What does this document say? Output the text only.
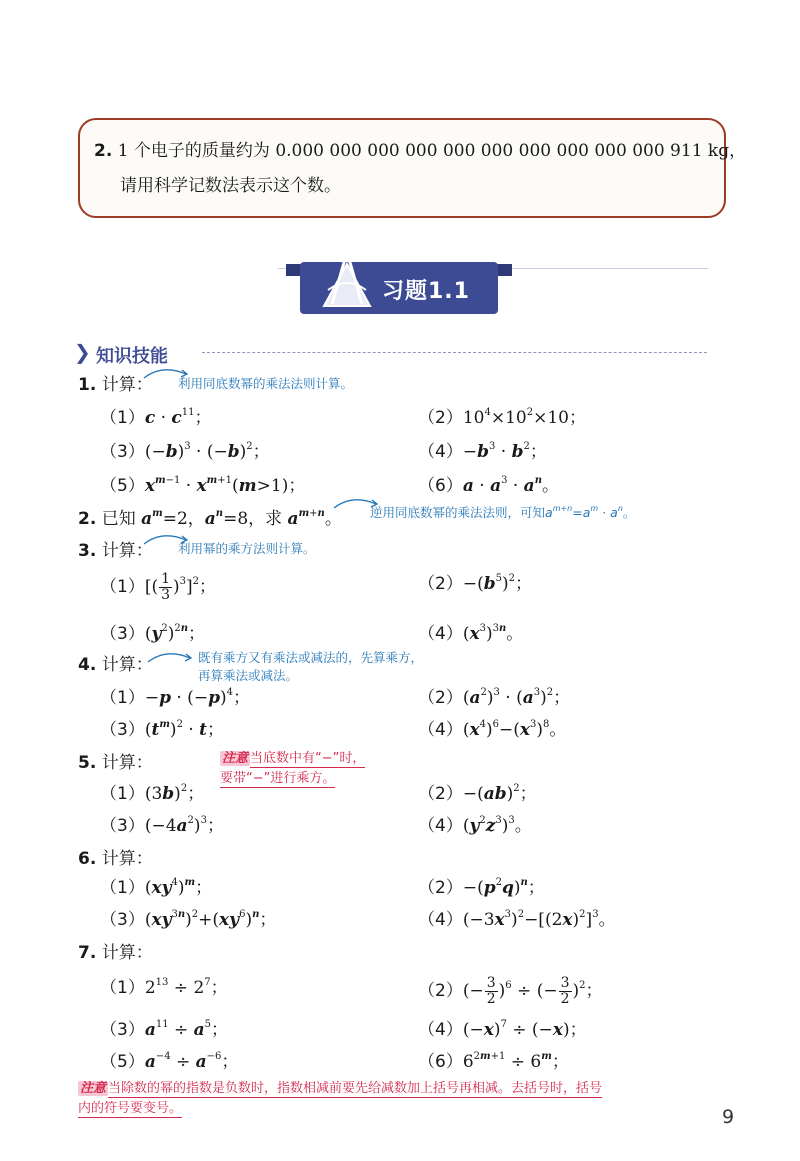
2. 1 个电子的质量约为 0.000 000 000 000 000 000 000 000 000 000 911 kg，
请用科学记数法表示这个数。
习题1.1
❯ 知识技能
1. 计算： 利用同底数幂的乘法法则计算。
$(1)c \cdot c^{11}$；	$(2)10^4\times 10^2\times 10$；
$(3)(-b)^3 \cdot (-b)^2$；	$(4)-b^3 \cdot b^2$；
$(5)x^{m-1} \cdot x^{m+1}(m>1)$；	$(6)a \cdot a^3 \cdot a^n$。
2. 已知 $a^m=2$，$a^n=8$，求 $a^{m+n}$。 逆用同底数幂的乘法法则，可知$a^{m+n}=a^m \cdot a^n$。
3. 计算： 利用幂的乘方法则计算。
$(1)[( \frac{1}{3} )^3]^2$；	$(2)-(b^5)^2$；
$(3)(y^2)^{2n}$；	$(4)(x^3)^{3n}$。
4. 计算：	既有乘方又有乘法或减法的，先算乘方，
再算乘法或减法。
$(1)-p \cdot (-p)^4$；	$(2)(a^2)^3 \cdot (a^3)^2$；
$(3)(t^m)^2 \cdot t$；	$(4)(x^4)^6-(x^3)^8$。
5. 计算：	注意 当底数中有“−”时，
要带“−”进行乘方。
$(1)(3b)^2$；	（2）−(ab)$^2$；
$(3)(-4a^2)^3$；	$(4)(y^2z^3)^3$。
6. 计算：
$(1)(xy^4)^m$；	$(2)-(p^2q)^n$；
$(3)(xy^{3n})^2+(xy^6)^n$；	$(4)(-3x^3)^2-[(2x)^2]^3$。
7. 计算：
$(1)2^{13} \div 2^7$；	$(2)(- \frac{3}{2} )^6$ ÷ (− $\frac{3}{2} )^2$；
$(3)a^{11} \div a^5$；	$(4)(-x)^7 \div (-x)$；
$(5)a^{-4} \div a^{-6}$；	$(6)6^{2m+1} \div 6^m$；
注意 当除数的幂的指数是负数时，指数相减前要先给减数加上括号再相减。去括号时，括号
内的符号要变号。	9
